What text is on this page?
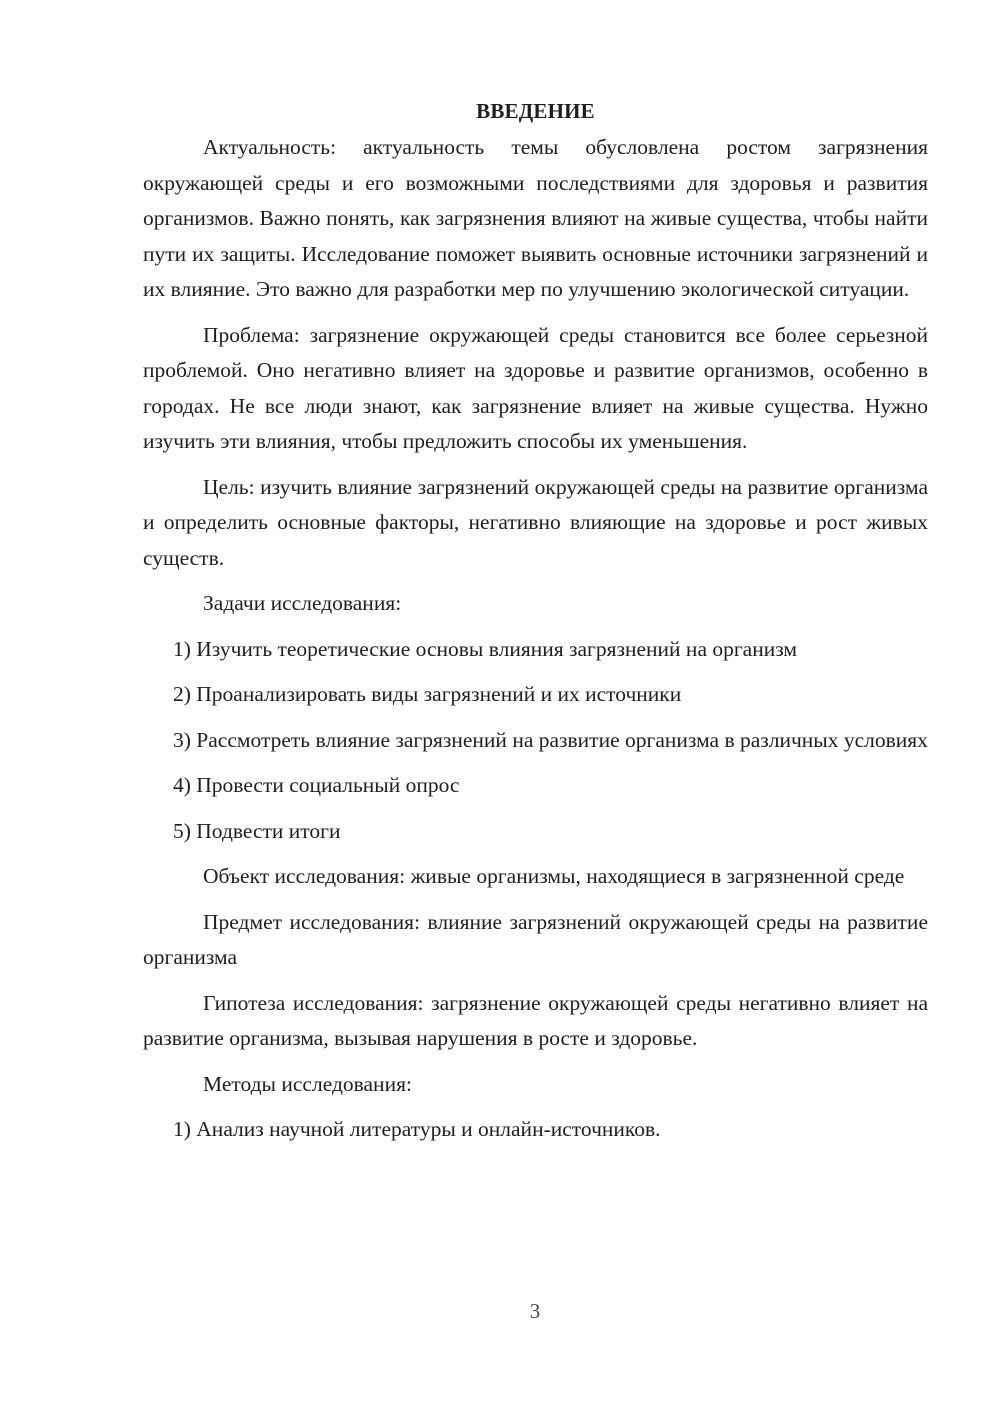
ВВЕДЕНИЕ

Актуальность: актуальность темы обусловлена ростом загрязнения окружающей среды и его возможными последствиями для здоровья и развития организмов. Важно понять, как загрязнения влияют на живые существа, чтобы найти пути их защиты. Исследование поможет выявить основные источники загрязнений и их влияние. Это важно для разработки мер по улучшению экологической ситуации.

Проблема: загрязнение окружающей среды становится все более серьезной проблемой. Оно негативно влияет на здоровье и развитие организмов, особенно в городах. Не все люди знают, как загрязнение влияет на живые существа. Нужно изучить эти влияния, чтобы предложить способы их уменьшения.

Цель: изучить влияние загрязнений окружающей среды на развитие организма и определить основные факторы, негативно влияющие на здоровье и рост живых существ.

Задачи исследования:

1) Изучить теоретические основы влияния загрязнений на организм

2) Проанализировать виды загрязнений и их источники

3) Рассмотреть влияние загрязнений на развитие организма в различных условиях

4) Провести социальный опрос

5) Подвести итоги

Объект исследования: живые организмы, находящиеся в загрязненной среде

Предмет исследования: влияние загрязнений окружающей среды на развитие организма

Гипотеза исследования: загрязнение окружающей среды негативно влияет на развитие организма, вызывая нарушения в росте и здоровье.

Методы исследования:

1) Анализ научной литературы и онлайн-источников.

3
